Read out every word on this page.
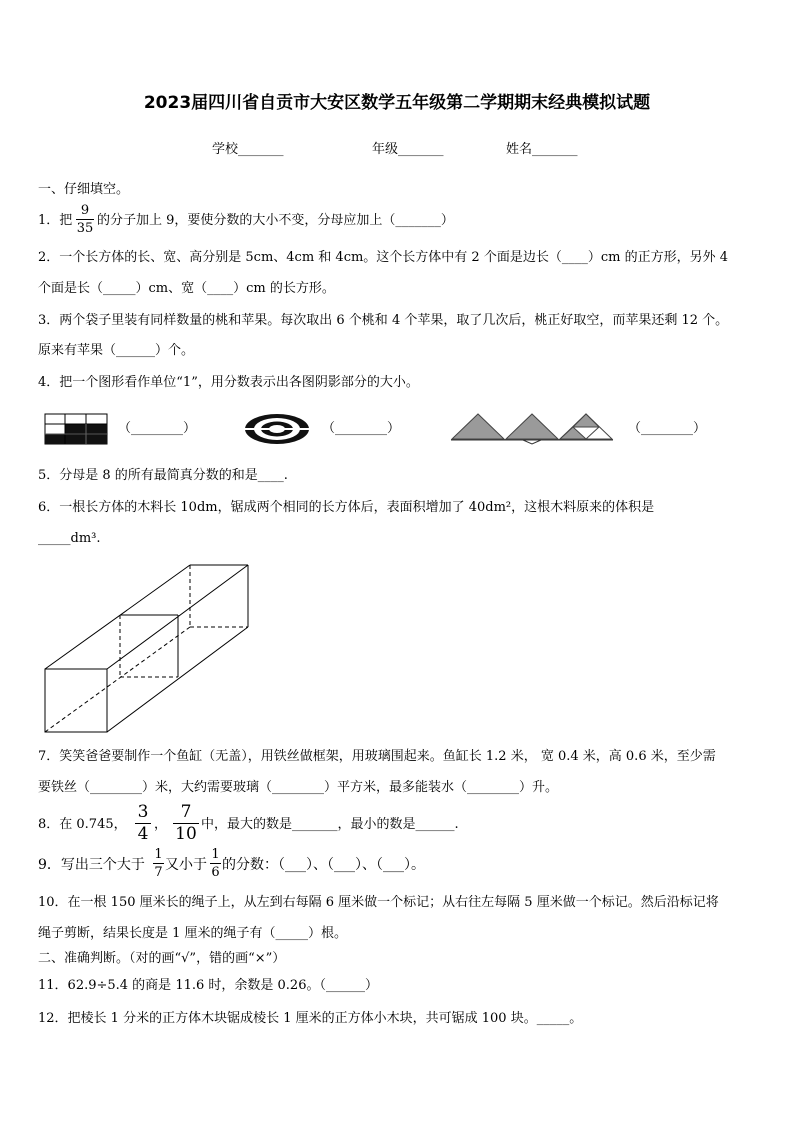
2023届四川省自贡市大安区数学五年级第二学期期末经典模拟试题
学校_______	年级_______	姓名_______
一、仔细填空。
1．把
9
35
的分子加上 9，要使分数的大小不变，分母应加上（_______）
2．一个长方体的长、宽、高分别是 5cm、4cm 和 4cm。这个长方体中有 2 个面是边长（____）cm 的正方形，另外 4
个面是长（_____）cm、宽（____）cm 的长方形。
3．两个袋子里装有同样数量的桃和苹果。每次取出 6 个桃和 4 个苹果，取了几次后，桃正好取空，而苹果还剩 12 个。
原来有苹果（______）个。
4．把一个图形看作单位“1”，用分数表示出各图阴影部分的大小。
（________）	（________）	（________）
5．分母是 8 的所有最简真分数的和是____.
6．一根长方体的木料长 10dm，锯成两个相同的长方体后，表面积增加了 40dm²，这根木料原来的体积是
_____dm³.
7．笑笑爸爸要制作一个鱼缸（无盖），用铁丝做框架，用玻璃围起来。鱼缸长 1.2 米， 宽 0.4 米，高 0.6 米，至少需
要铁丝（________）米，大约需要玻璃（________）平方米，最多能装水（________）升。
8．在 0.745，
3
4 ，
7
10 中，最大的数是_______，最小的数是______.
9．写出三个大于
1
7 又小于
1
6 的分数：（___）、（___）、（___）。
10．在一根 150 厘米长的绳子上，从左到右每隔 6 厘米做一个标记；从右往左每隔 5 厘米做一个标记。然后沿标记将
绳子剪断，结果长度是 1 厘米的绳子有（_____）根。
二、准确判断。（对的画“√”，错的画“×”）
11．62.9÷5.4 的商是 11.6 时，余数是 0.26。（______）
12．把棱长 1 分米的正方体木块锯成棱长 1 厘米的正方体小木块，共可锯成 100 块。_____。
